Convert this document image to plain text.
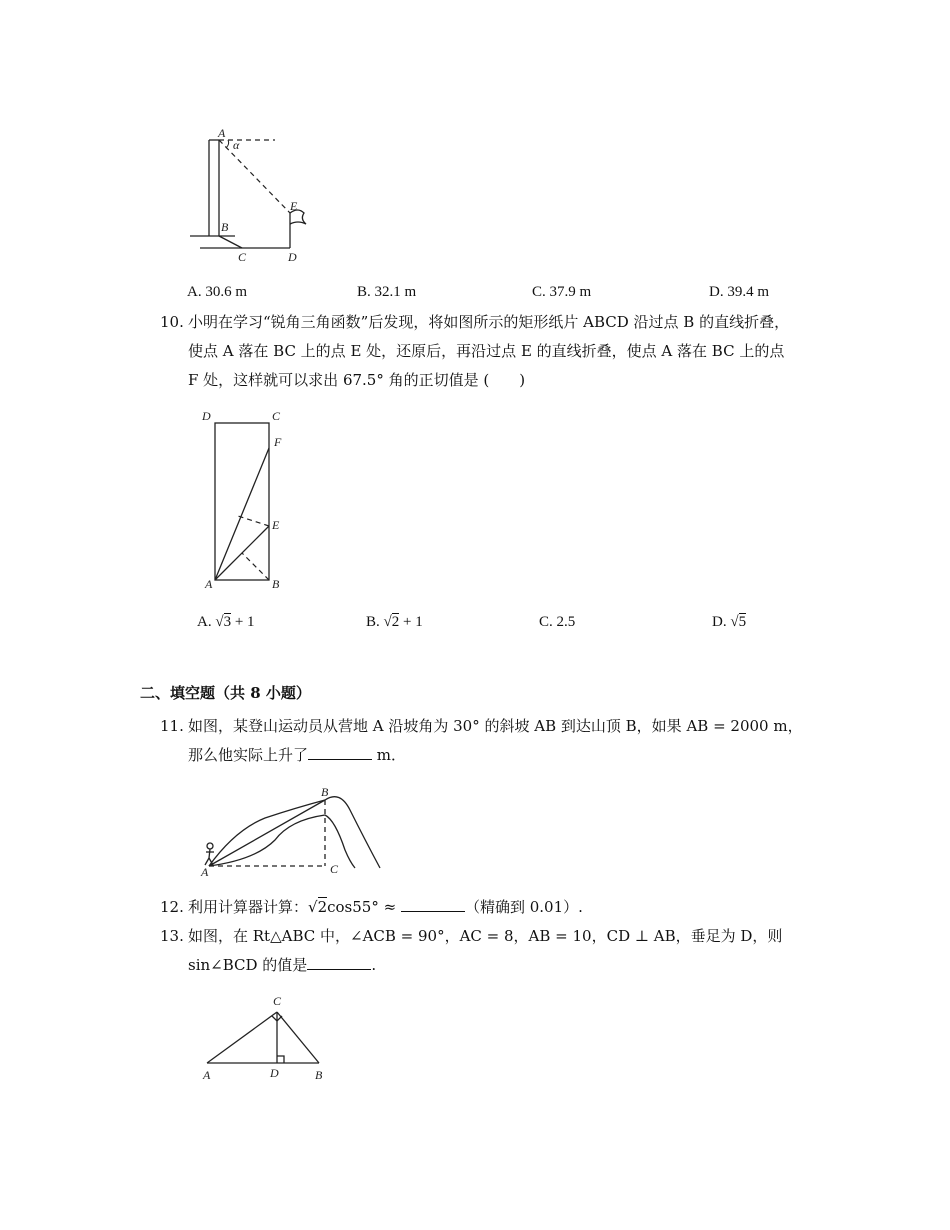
A
α
B
C	D
E
A. 30.6 m	B. 32.1 m	C. 37.9 m	D. 39.4 m
10. 小明在学习“锐角三角函数”后发现，将如图所示的矩形纸片 ABCD 沿过点 B 的直线折叠，
使点 A 落在 BC 上的点 E 处，还原后，再沿过点 E 的直线折叠，使点 A 落在 BC 上的点
F 处，这样就可以求出 67.5° 角的正切值是 (　　)
D	C
F
E
A	B
A. √3 + 1	B. √2 + 1	C. 2.5	D. √5
二、填空题（共 8 小题）
11. 如图，某登山运动员从营地 A 沿坡角为 30° 的斜坡 AB 到达山顶 B，如果 AB = 2000 m，
那么他实际上升了	m．
A
B
C
12. 利用计算器计算：√2cos55° ≈	（精确到 0.01）.
13. 如图，在 Rt△ABC 中，∠ACB = 90°，AC = 8，AB = 10，CD ⊥ AB，垂足为 D，则
sin∠BCD 的值是	.
C
A	D	B
